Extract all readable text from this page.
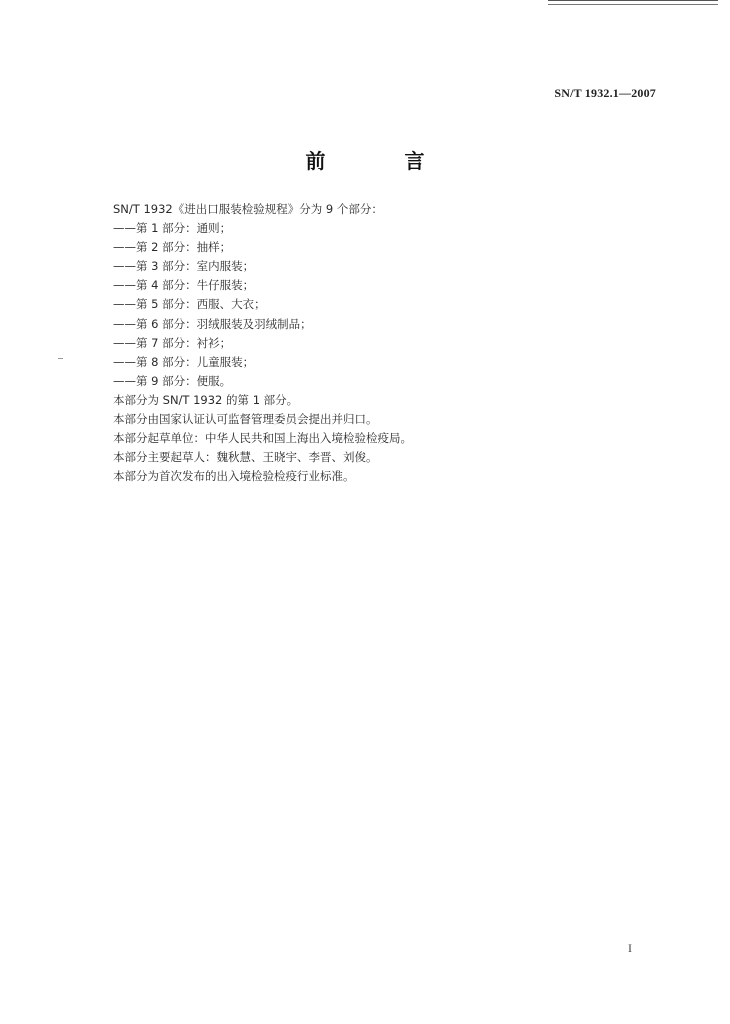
SN/T 1932.1—2007
前 言
SN/T 1932《进出口服装检验规程》分为 9 个部分：
——第 1 部分：通则；
——第 2 部分：抽样；
——第 3 部分：室内服装；
——第 4 部分：牛仔服装；
——第 5 部分：西服、大衣；
——第 6 部分：羽绒服装及羽绒制品；
——第 7 部分：衬衫；
——第 8 部分：儿童服装；
——第 9 部分：便服。
本部分为 SN/T 1932 的第 1 部分。
本部分由国家认证认可监督管理委员会提出并归口。
本部分起草单位：中华人民共和国上海出入境检验检疫局。
本部分主要起草人：魏秋慧、王晓宇、李晋、刘俊。
本部分为首次发布的出入境检验检疫行业标准。
I
